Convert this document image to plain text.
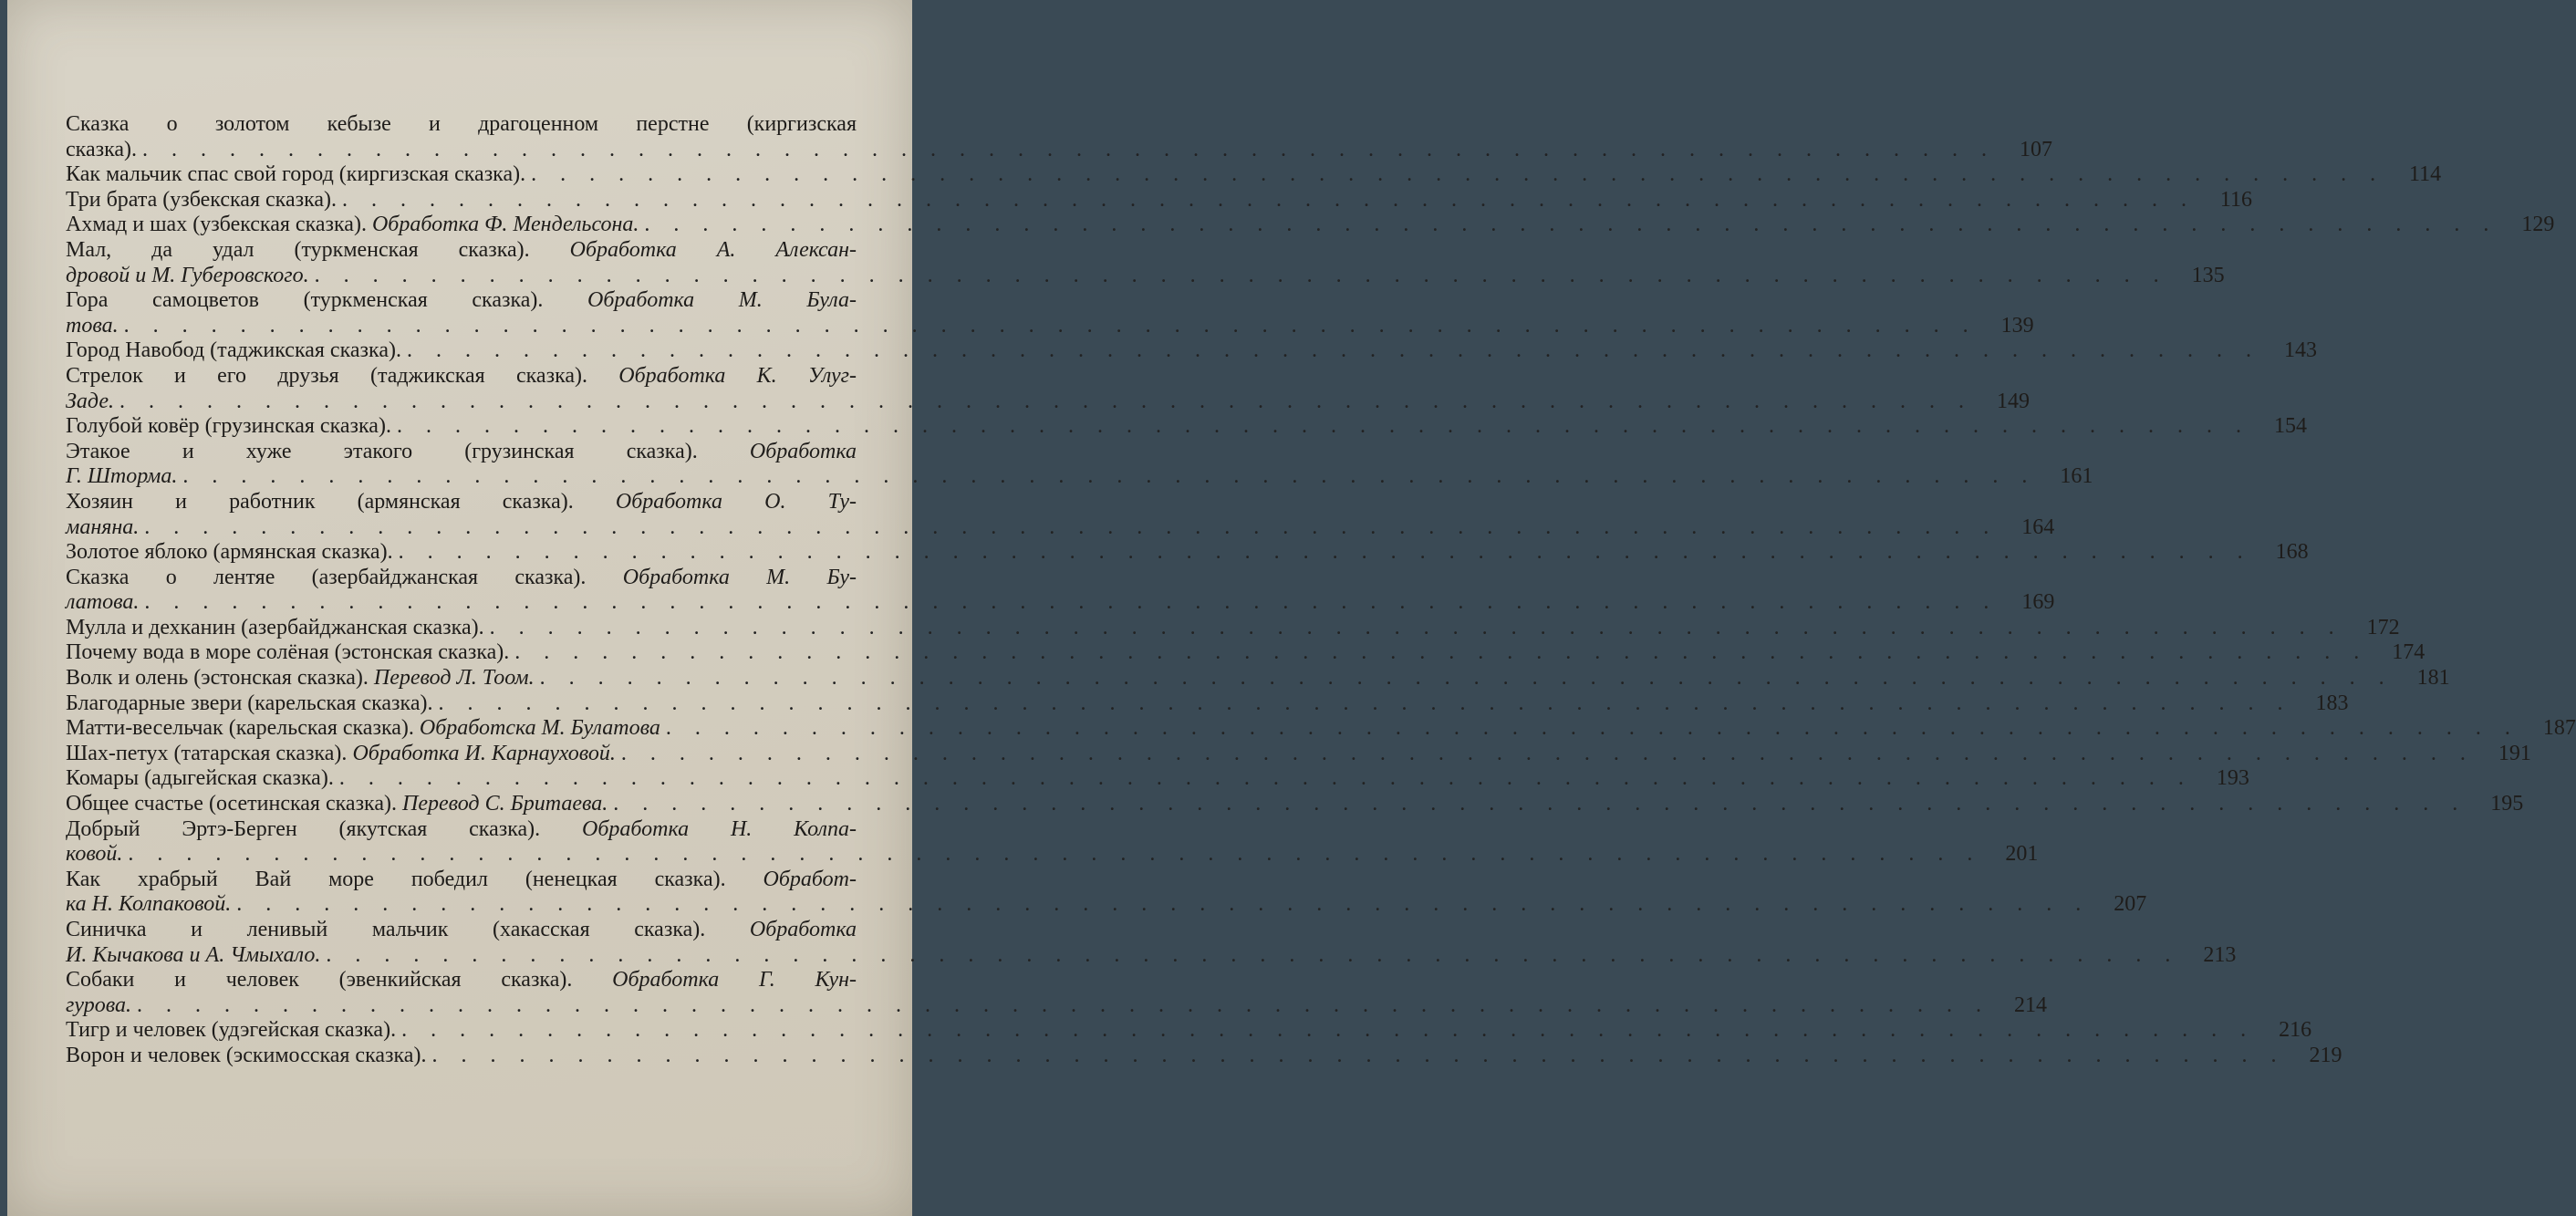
Сказка о золотом кебызе и драгоценном перстне (киргизская
сказка). . . .	107
Как мальчик спас свой город (киргизская сказка). . . .	114
Три брата (узбекская сказка). . . .	116
Ахмад и шах (узбекская сказка). Обработка Ф. Мендельсона. . . .	129
Мал, да удал (туркменская сказка). Обработка А. Алексан-
дровой и М. Губеровского. . . .	135
Гора самоцветов (туркменская сказка). Обработка М. Була-
това. . . .	139
Город Навобод (таджикская сказка). . . .	143
Стрелок и его друзья (таджикская сказка). Обработка К. Улуг-
Заде. . . .	149
Голубой ковёр (грузинская сказка). . . .	154
Этакое и хуже этакого (грузинская сказка). Обработка
Г. Шторма. . . .	161
Хозяин и работник (армянская сказка). Обработка О. Ту-
маняна. . . .	164
Золотое яблоко (армянская сказка). . . .	168
Сказка о лентяе (азербайджанская сказка). Обработка М. Бу-
латова. . . .	169
Мулла и дехканин (азербайджанская сказка). . . .	172
Почему вода в море солёная (эстонская сказка). . . .	174
Волк и олень (эстонская сказка). Перевод Л. Тоом. . . .	181
Благодарные звери (карельская сказка). . . .	183
Матти-весельчак (карельская сказка). Обработска М. Булатова . . .	187
Шах-петух (татарская сказка). Обработка И. Карнауховой. . . .	191
Комары (адыгейская сказка). . . .	193
Общее счастье (осетинская сказка). Перевод С. Бритаева. . . .	195
Добрый Эртэ-Берген (якутская сказка). Обработка Н. Колпа-
ковой. . . .	201
Как храбрый Вай море победил (ненецкая сказка). Обработ-
ка Н. Колпаковой. . . .	207
Синичка и ленивый мальчик (хакасская сказка). Обработка
И. Кычакова и А. Чмыхало. . . .	213
Собаки и человек (эвенкийская сказка). Обработка Г. Кун-
гурова. . . .	214
Тигр и человек (удэгейская сказка). . . .	216
Ворон и человек (эскимосская сказка). . . .	219
